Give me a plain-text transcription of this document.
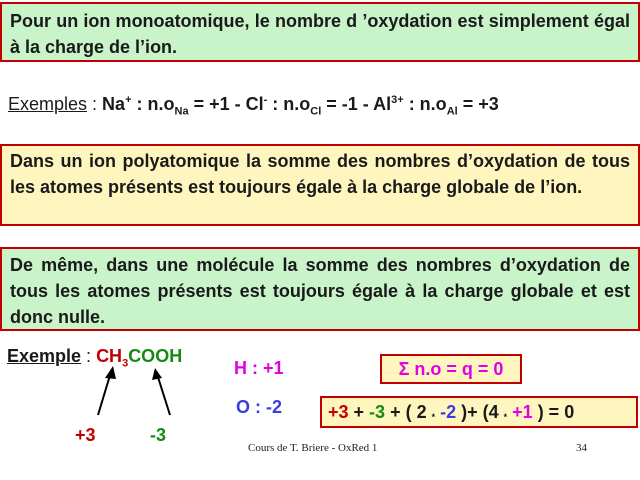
Pour un ion monoatomique, le nombre d ’oxydation est simplement égal à la charge de l’ion.
Exemples : Na+ : $n.o_{Na} = +1 - Cl^-$ : $n.o_{Cl} = -1 - Al^{3+}$ : $n.o_{Al} = +3$
Dans un ion polyatomique la somme des nombres d’oxydation de tous les atomes présents est toujours égale à la charge globale de l’ion.
De même, dans une molécule la somme des nombres d’oxydation de tous les atomes présents est toujours égale à la charge globale et est donc nulle.
Exemple : $CH_3COOH$
H : +1
O : -2
+3	-3
Σ n.o = q = 0
+3 + -3 + ( 2 * -2 )+ (4 * +1 ) = 0
Cours de T. Briere - OxRed 1	34
